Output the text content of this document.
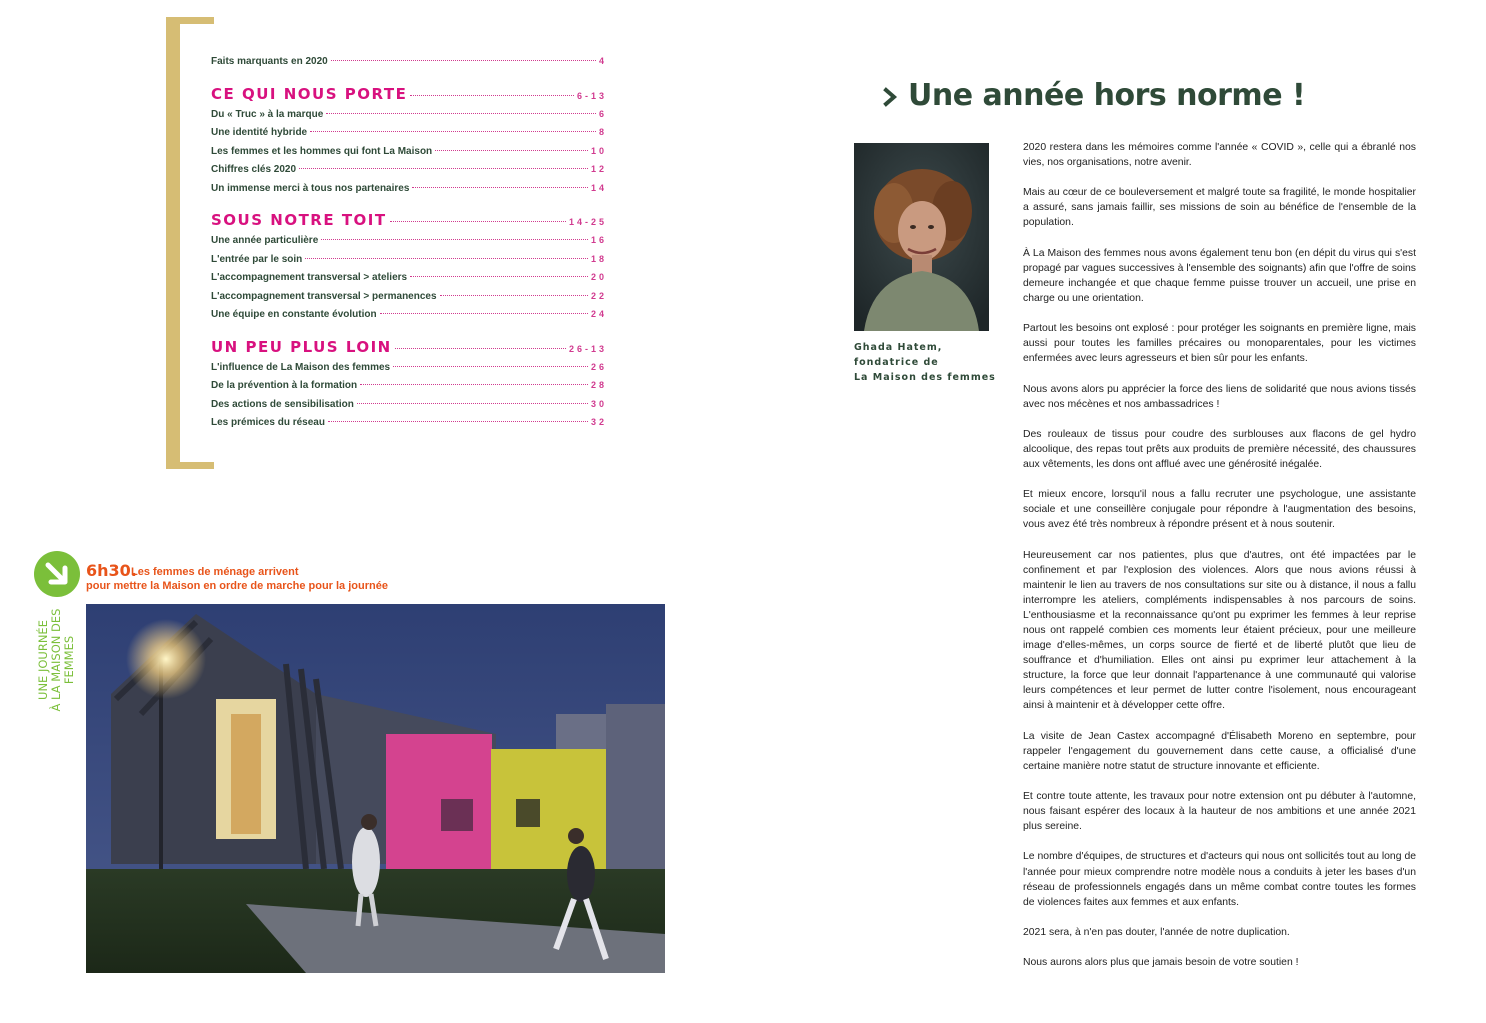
Faits marquants en 2020	4
CE QUI NOUS PORTE	6-13
Du « Truc » à la marque	6
Une identité hybride	8
Les femmes et les hommes qui font La Maison	10
Chiffres clés 2020	12
Un immense merci à tous nos partenaires	14
SOUS NOTRE TOIT	14-25
Une année particulière	16
L'entrée par le soin	18
L'accompagnement transversal > ateliers	20
L'accompagnement transversal > permanences	22
Une équipe en constante évolution	24
UN PEU PLUS LOIN	26-13
L'influence de La Maison des femmes	26
De la prévention à la formation	28
Des actions de sensibilisation	30
Les prémices du réseau	32
UNE JOURNÉE À LA MAISON DES FEMMES
6h30.
Les femmes de ménage arrivent
pour mettre la Maison en ordre de marche pour la journée
Une année hors norme !
Ghada Hatem,
fondatrice de
La Maison des femmes

2020 restera dans les mémoires comme l'année « COVID », celle qui a ébranlé nos vies, nos organisations, notre avenir.

Mais au cœur de ce bouleversement et malgré toute sa fragilité, le monde hospitalier a assuré, sans jamais faillir, ses missions de soin au bénéfice de l'ensemble de la population.

À La Maison des femmes nous avons également tenu bon (en dépit du virus qui s'est propagé par vagues successives à l'ensemble des soignants) afin que l'offre de soins demeure inchangée et que chaque femme puisse trouver un accueil, une prise en charge ou une orientation.

Partout les besoins ont explosé : pour protéger les soignants en première ligne, mais aussi pour toutes les familles précaires ou monoparentales, pour les victimes enfermées avec leurs agresseurs et bien sûr pour les enfants.

Nous avons alors pu apprécier la force des liens de solidarité que nous avions tissés avec nos mécènes et nos ambassadrices !

Des rouleaux de tissus pour coudre des surblouses aux flacons de gel hydro alcoolique, des repas tout prêts aux produits de première nécessité, des chaussures aux vêtements, les dons ont afflué avec une générosité inégalée.

Et mieux encore, lorsqu'il nous a fallu recruter une psychologue, une assistante sociale et une conseillère conjugale pour répondre à l'augmentation des besoins, vous avez été très nombreux à répondre présent et à nous soutenir.

Heureusement car nos patientes, plus que d'autres, ont été impactées par le confinement et par l'explosion des violences. Alors que nous avions réussi à maintenir le lien au travers de nos consultations sur site ou à distance, il nous a fallu interrompre les ateliers, compléments indispensables à nos parcours de soins. L'enthousiasme et la reconnaissance qu'ont pu exprimer les femmes à leur reprise nous ont rappelé combien ces moments leur étaient précieux, pour une meilleure image d'elles-mêmes, un corps source de fierté et de liberté plutôt que lieu de souffrance et d'humiliation. Elles ont ainsi pu exprimer leur attachement à la structure, la force que leur donnait l'appartenance à une communauté qui valorise leurs compétences et leur permet de lutter contre l'isolement, nous encourageant ainsi à maintenir et à développer cette offre.

La visite de Jean Castex accompagné d'Élisabeth Moreno en septembre, pour rappeler l'engagement du gouvernement dans cette cause, a officialisé d'une certaine manière notre statut de structure innovante et efficiente.

Et contre toute attente, les travaux pour notre extension ont pu débuter à l'automne, nous faisant espérer des locaux à la hauteur de nos ambitions et une année 2021 plus sereine.

Le nombre d'équipes, de structures et d'acteurs qui nous ont sollicités tout au long de l'année pour mieux comprendre notre modèle nous a conduits à jeter les bases d'un réseau de professionnels engagés dans un même combat contre toutes les formes de violences faites aux femmes et aux enfants.

2021 sera, à n'en pas douter, l'année de notre duplication.

Nous aurons alors plus que jamais besoin de votre soutien !
